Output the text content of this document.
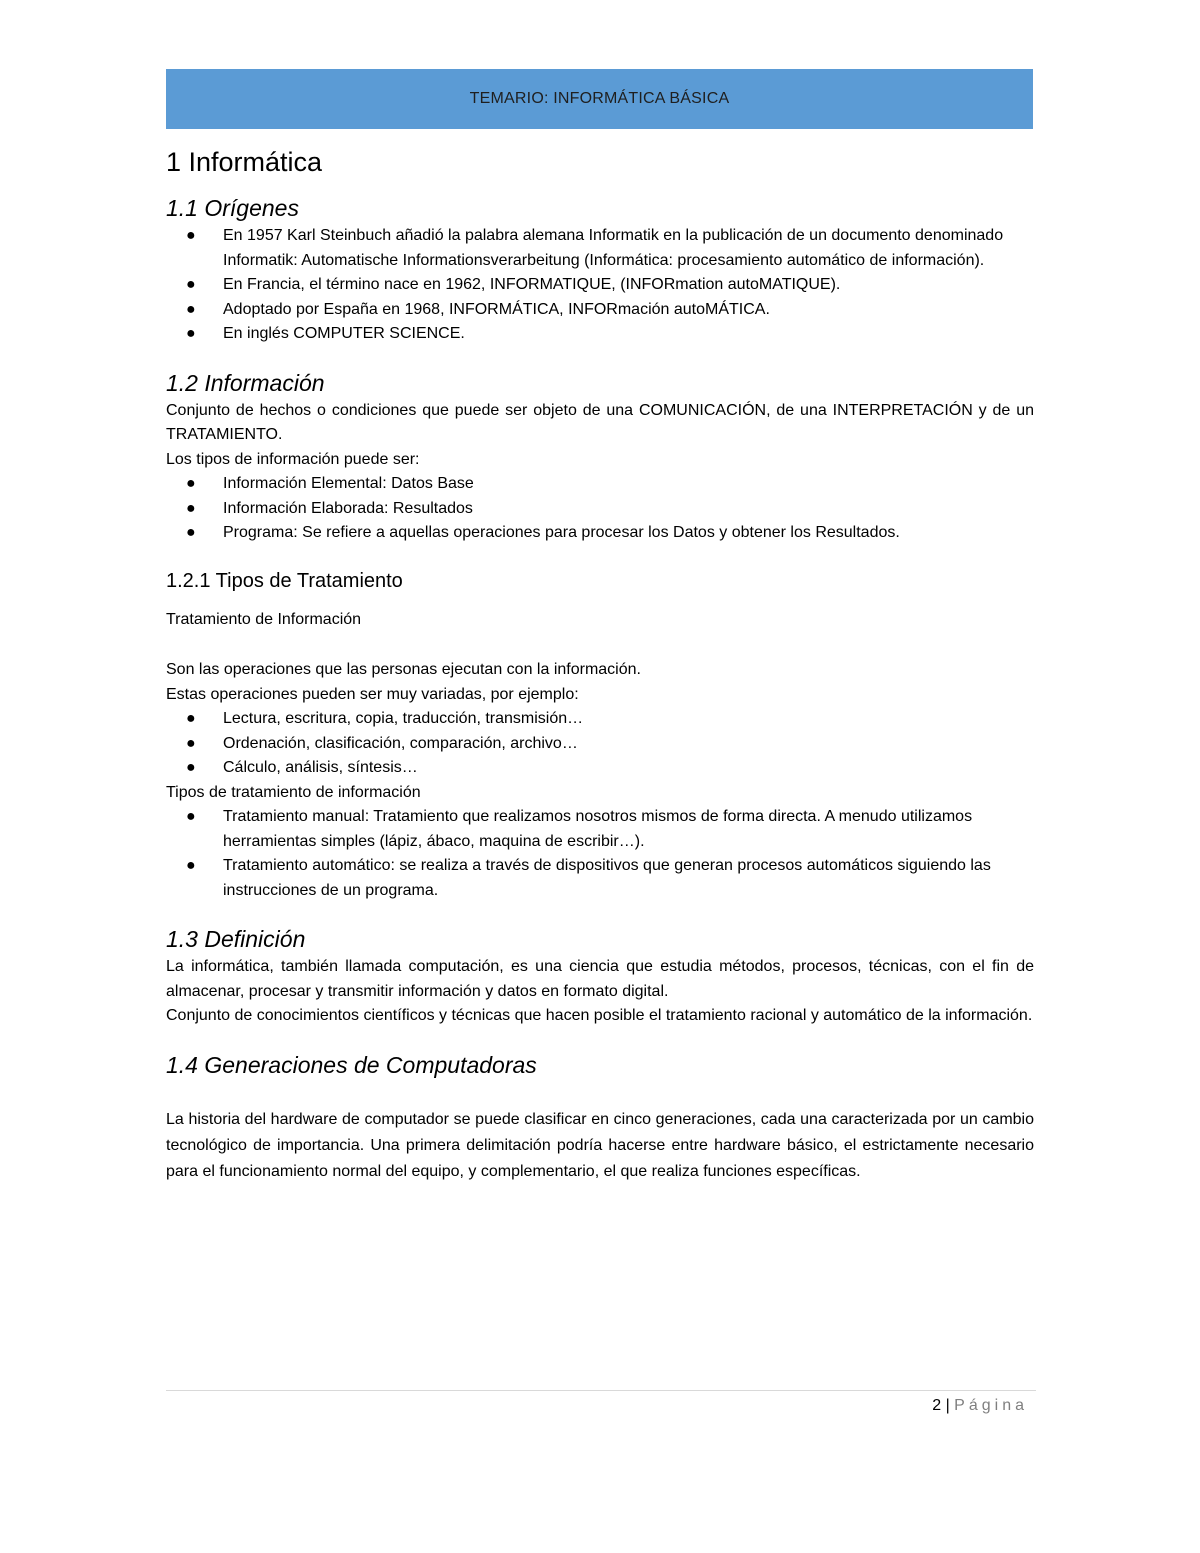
TEMARIO: INFORMÁTICA BÁSICA
1 Informática
1.1 Orígenes
● En 1957 Karl Steinbuch añadió la palabra alemana Informatik en la publicación de un documento denominado Informatik: Automatische Informationsverarbeitung (Informática: procesamiento automático de información).
● En Francia, el término nace en 1962, INFORMATIQUE, (INFORmation autoMATIQUE).
● Adoptado por España en 1968, INFORMÁTICA, INFORmación autoMÁTICA.
● En inglés COMPUTER SCIENCE.
1.2 Información

Conjunto de hechos o condiciones que puede ser objeto de una COMUNICACIÓN, de una INTERPRETACIÓN y de un TRATAMIENTO.

Los tipos de información puede ser:

● Información Elemental: Datos Base
● Información Elaborada: Resultados
● Programa: Se refiere a aquellas operaciones para procesar los Datos y obtener los Resultados.
1.2.1 Tipos de Tratamiento

Tratamiento de Información

Son las operaciones que las personas ejecutan con la información.

Estas operaciones pueden ser muy variadas, por ejemplo:

● Lectura, escritura, copia, traducción, transmisión…
● Ordenación, clasificación, comparación, archivo…
● Cálculo, análisis, síntesis…

Tipos de tratamiento de información

● Tratamiento manual: Tratamiento que realizamos nosotros mismos de forma directa. A menudo utilizamos herramientas simples (lápiz, ábaco, maquina de escribir…).
● Tratamiento automático: se realiza a través de dispositivos que generan procesos automáticos siguiendo las instrucciones de un programa.
1.3 Definición

La informática, también llamada computación, es una ciencia que estudia métodos, procesos, técnicas, con el fin de almacenar, procesar y transmitir información y datos en formato digital.

Conjunto de conocimientos científicos y técnicas que hacen posible el tratamiento racional y automático de la información.

1.4 Generaciones de Computadoras

La historia del hardware de computador se puede clasificar en cinco generaciones, cada una caracterizada por un cambio tecnológico de importancia. Una primera delimitación podría hacerse entre hardware básico, el estrictamente necesario para el funcionamiento normal del equipo, y complementario, el que realiza funciones específicas.

2 | Página
